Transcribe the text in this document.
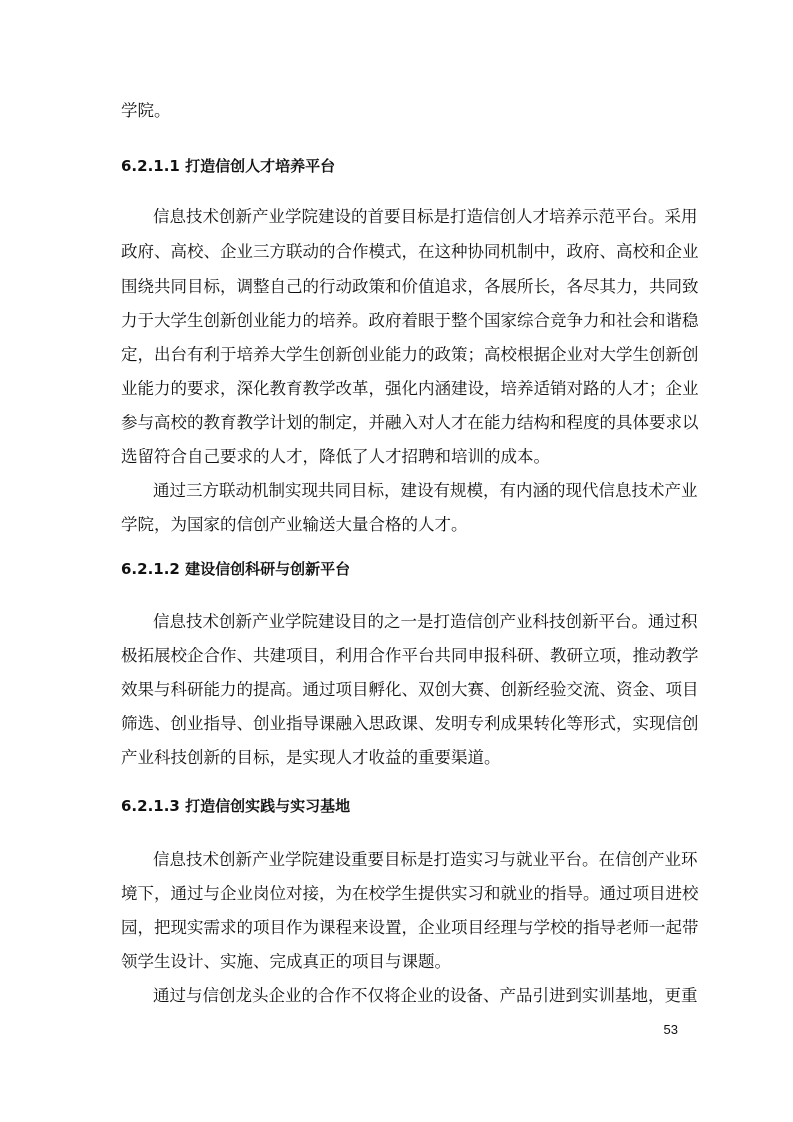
学院。
6.2.1.1 打造信创人才培养平台
信息技术创新产业学院建设的首要目标是打造信创人才培养示范平台。采用
政府、高校、企业三方联动的合作模式，在这种协同机制中，政府、高校和企业
围绕共同目标，调整自己的行动政策和价值追求，各展所长，各尽其力，共同致
力于大学生创新创业能力的培养。政府着眼于整个国家综合竞争力和社会和谐稳
定，出台有利于培养大学生创新创业能力的政策；高校根据企业对大学生创新创
业能力的要求，深化教育教学改革，强化内涵建设，培养适销对路的人才；企业
参与高校的教育教学计划的制定，并融入对人才在能力结构和程度的具体要求以
选留符合自己要求的人才，降低了人才招聘和培训的成本。
通过三方联动机制实现共同目标，建设有规模，有内涵的现代信息技术产业
学院，为国家的信创产业输送大量合格的人才。
6.2.1.2 建设信创科研与创新平台
信息技术创新产业学院建设目的之一是打造信创产业科技创新平台。通过积
极拓展校企合作、共建项目，利用合作平台共同申报科研、教研立项，推动教学
效果与科研能力的提高。通过项目孵化、双创大赛、创新经验交流、资金、项目
筛选、创业指导、创业指导课融入思政课、发明专利成果转化等形式，实现信创
产业科技创新的目标，是实现人才收益的重要渠道。
6.2.1.3 打造信创实践与实习基地
信息技术创新产业学院建设重要目标是打造实习与就业平台。在信创产业环
境下，通过与企业岗位对接，为在校学生提供实习和就业的指导。通过项目进校
园，把现实需求的项目作为课程来设置，企业项目经理与学校的指导老师一起带
领学生设计、实施、完成真正的项目与课题。
通过与信创龙头企业的合作不仅将企业的设备、产品引进到实训基地，更重
53
